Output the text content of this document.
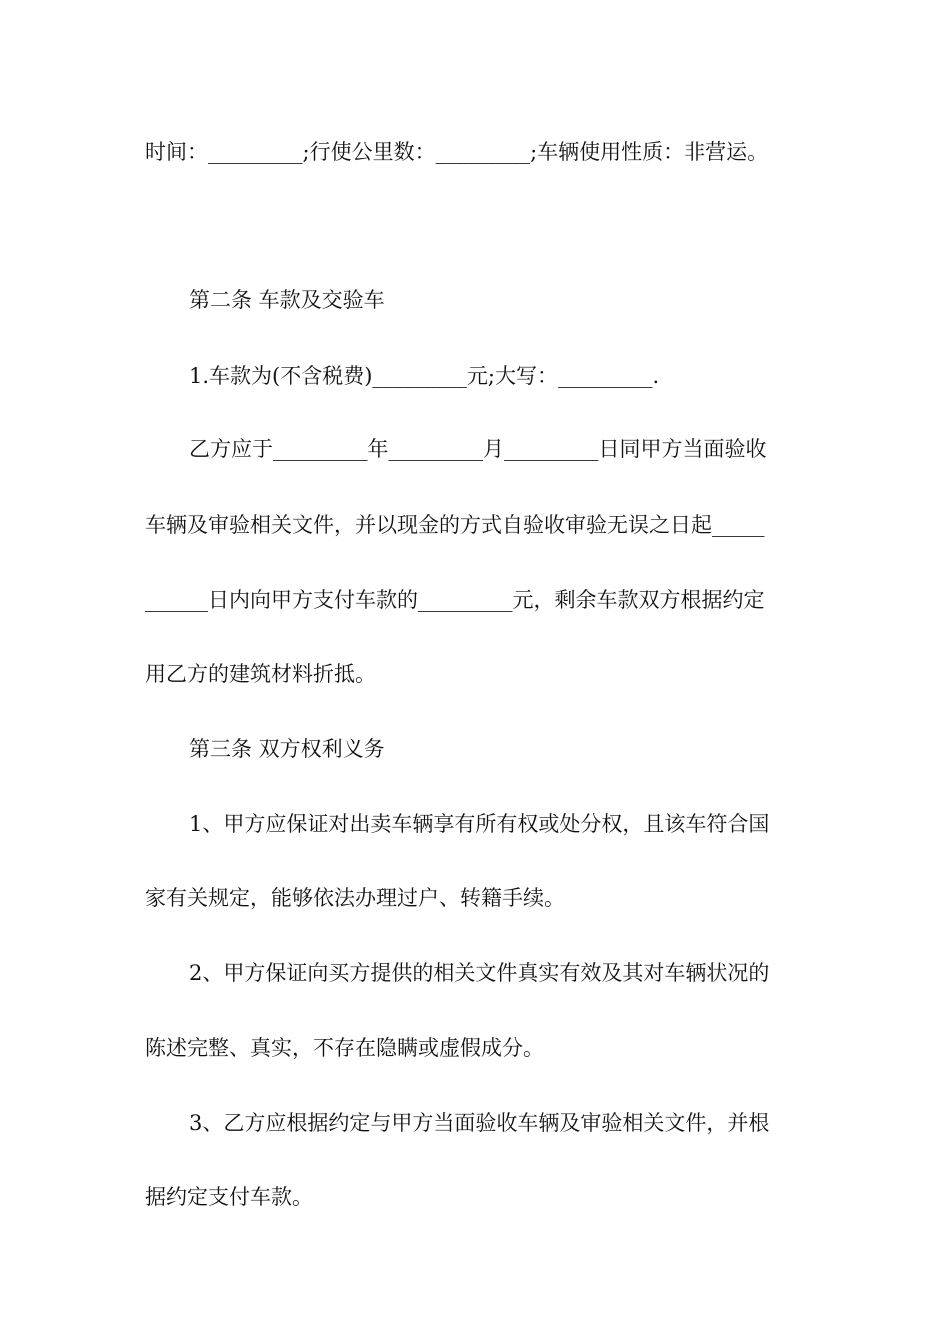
时间：_________;行使公里数：_________;车辆使用性质：非营运。
第二条 车款及交验车
1.车款为(不含税费)_________元;大写：_________.
乙方应于_________年_________月_________日同甲方当面验收
车辆及审验相关文件，并以现金的方式自验收审验无误之日起_____
______日内向甲方支付车款的_________元，剩余车款双方根据约定
用乙方的建筑材料折抵。
第三条 双方权利义务
1、甲方应保证对出卖车辆享有所有权或处分权，且该车符合国
家有关规定，能够依法办理过户、转籍手续。
2、甲方保证向买方提供的相关文件真实有效及其对车辆状况的
陈述完整、真实，不存在隐瞒或虚假成分。
3、乙方应根据约定与甲方当面验收车辆及审验相关文件，并根
据约定支付车款。
